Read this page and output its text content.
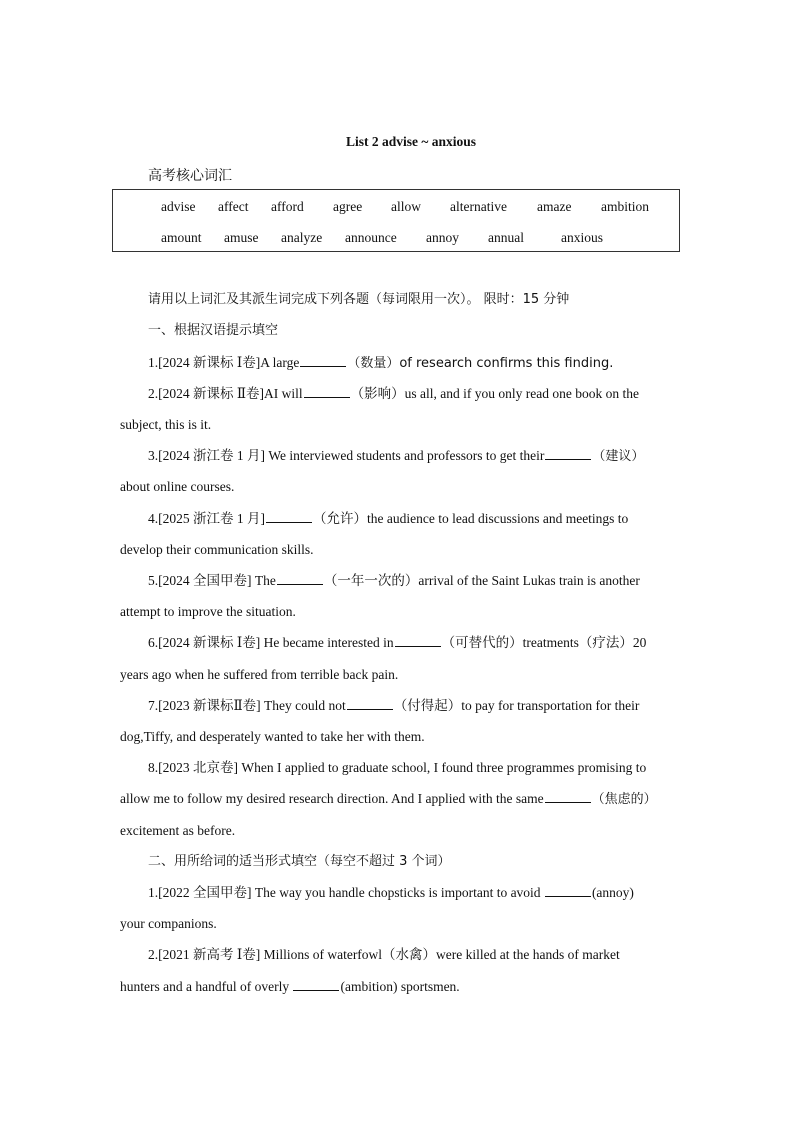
List 2 advise ~ anxious
高考核心词汇
advise affect afford agree allow alternative amaze ambition
amount amuse analyze announce annoy annual	anxious
请用以上词汇及其派生词完成下列各题（每词限用一次）。 限时：15 分钟
一、根据汉语提示填空
1.[2024 新课标 Ⅰ卷]A large	（数量）of research confirms this finding.
2.[2024 新课标 Ⅱ卷]AI will	（影响）us all, and if you only read one book on the
subject, this is it.
3.[2024 浙江卷 1 月] We interviewed students and professors to get their	（建议）
about online courses.
4.[2025 浙江卷 1 月]	（允许）the audience to lead discussions and meetings to
develop their communication skills.
5.[2024 全国甲卷] The	（一年一次的）arrival of the Saint Lukas train is another
attempt to improve the situation.
6.[2024 新课标 Ⅰ卷] He became interested in	（可替代的）treatments（疗法）20
years ago when he suffered from terrible back pain.
7.[2023 新课标Ⅱ卷] They could not	（付得起）to pay for transportation for their
dog,Tiffy, and desperately wanted to take her with them.
8.[2023 北京卷] When I applied to graduate school, I found three programmes promising to
allow me to follow my desired research direction. And I applied with the same	（焦虑的）
excitement as before.
二、用所给词的适当形式填空（每空不超过 3 个词）
1.[2022 全国甲卷] The way you handle chopsticks is important to avoid	(annoy)
your companions.
2.[2021 新高考 Ⅰ卷] Millions of waterfowl（水禽）were killed at the hands of market
hunters and a handful of overly	(ambition) sportsmen.
